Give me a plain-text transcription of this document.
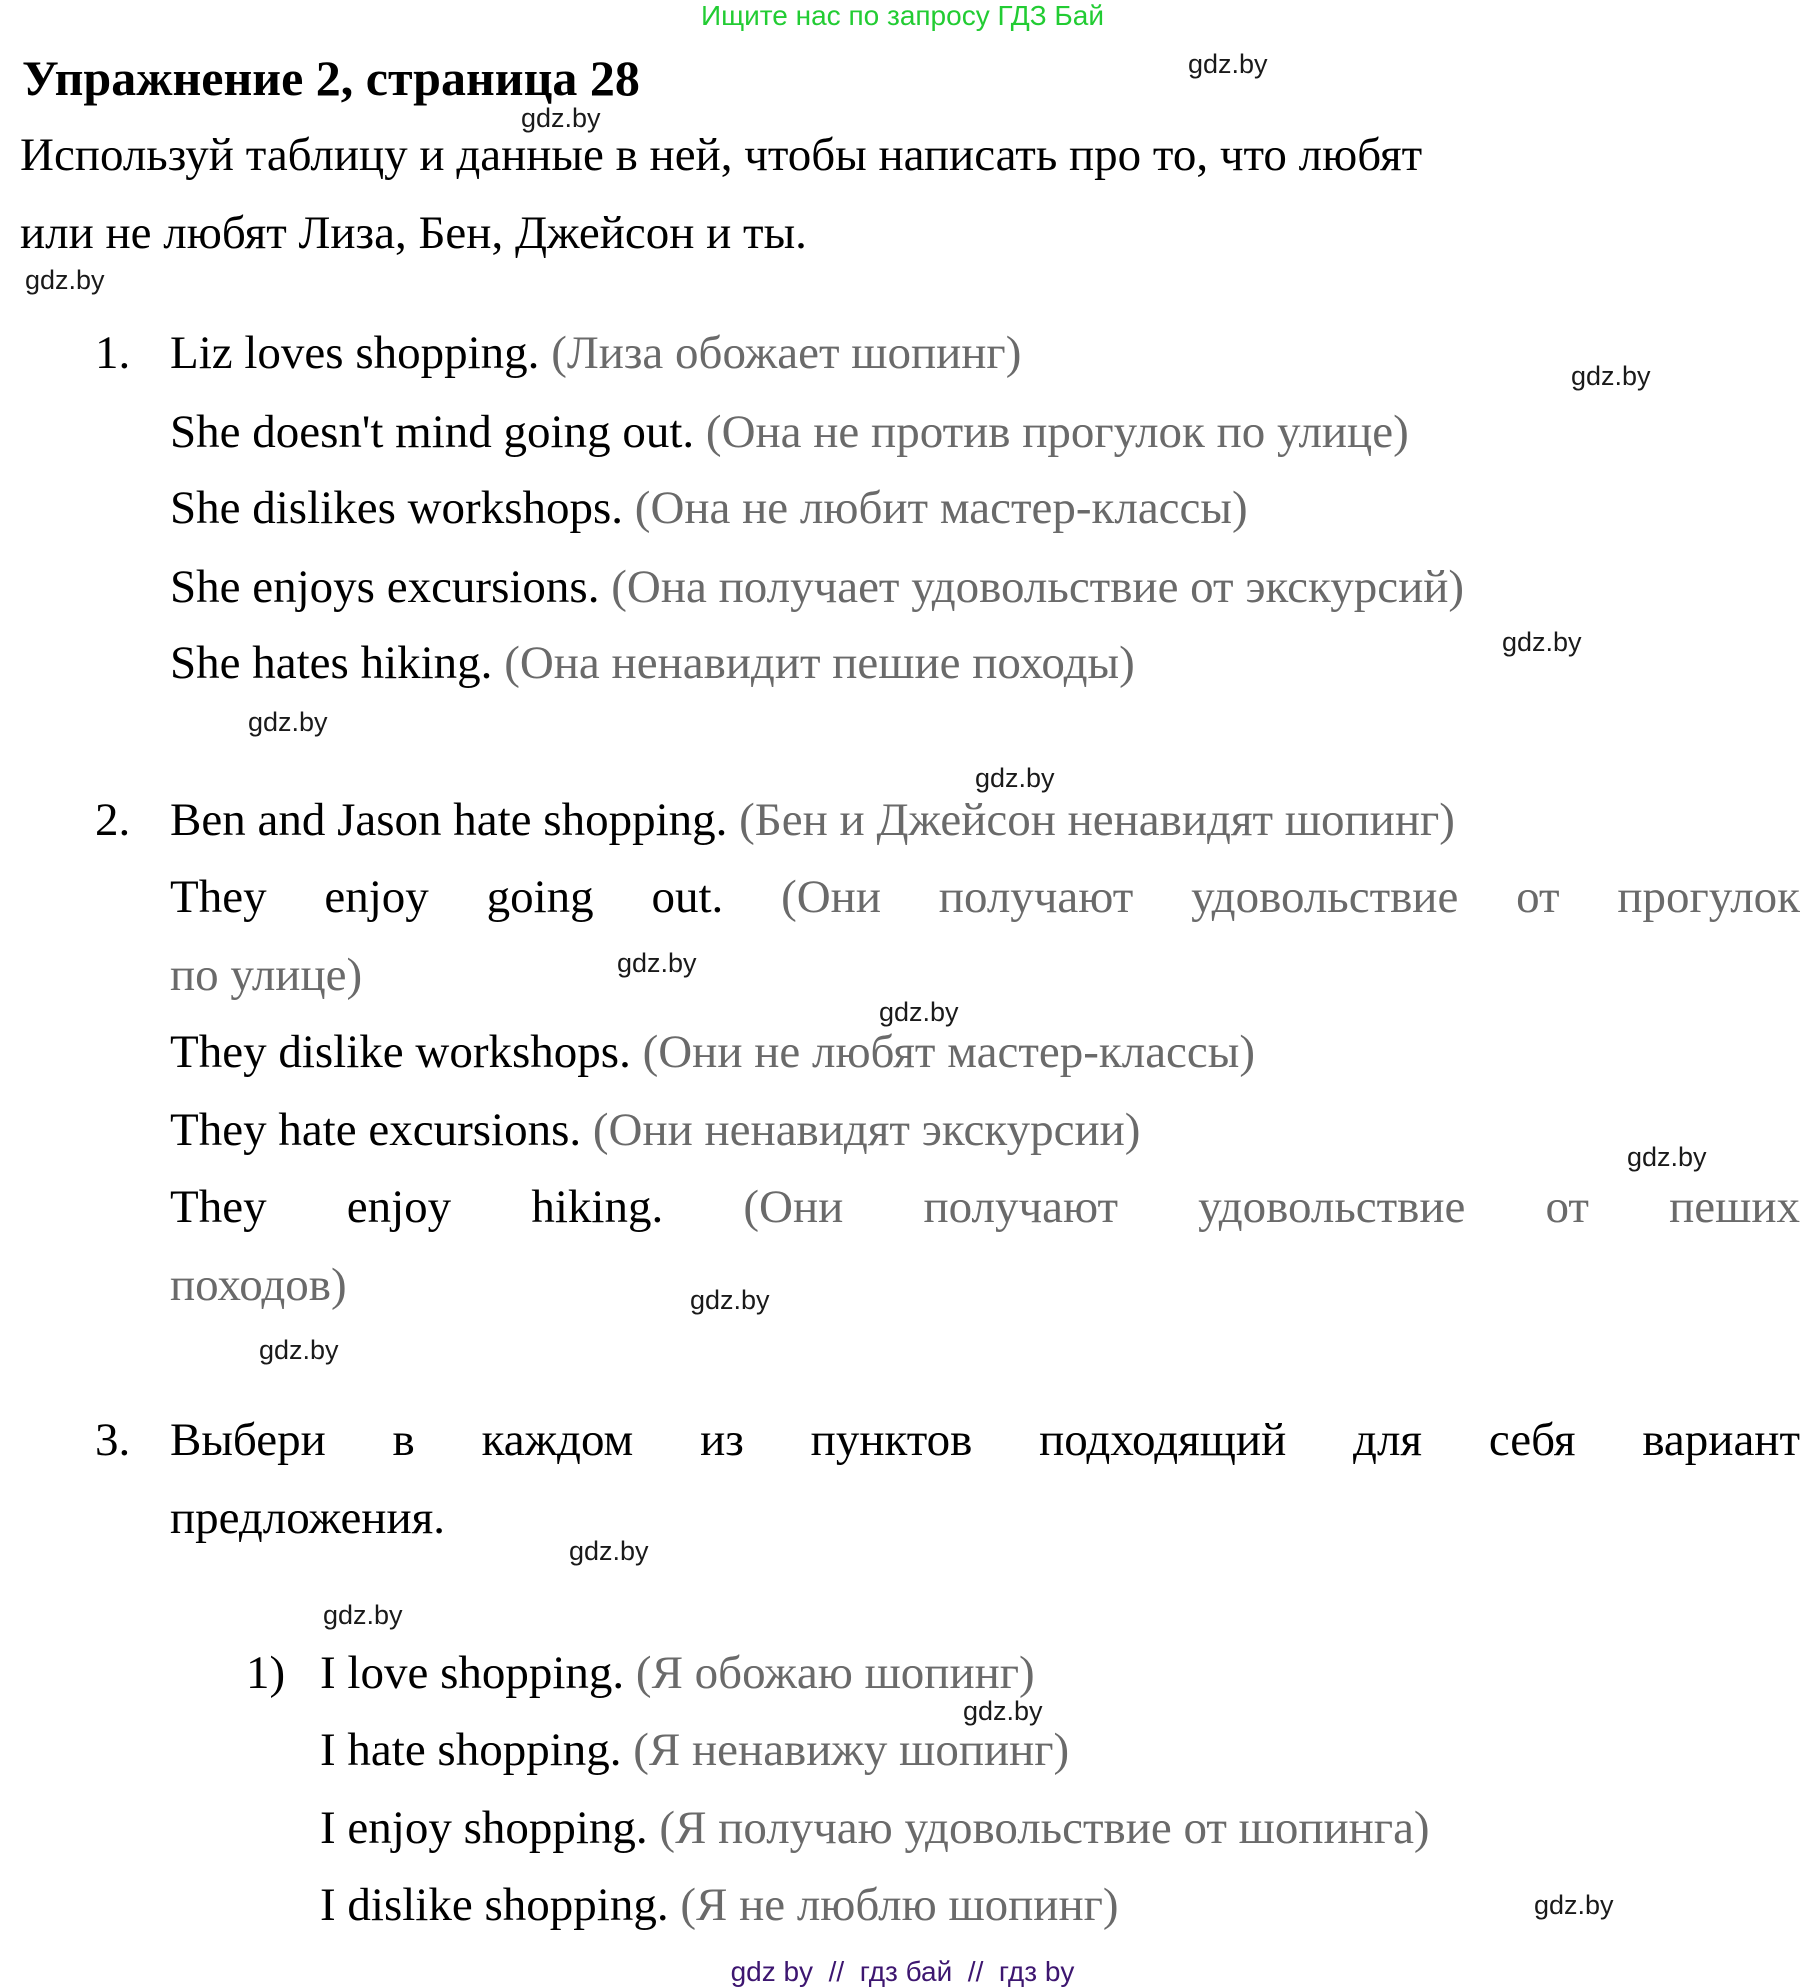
Ищите нас по запросу ГДЗ Бай
Упражнение 2, страница 28
Используй таблицу и данные в ней, чтобы написать про то, что любят
или не любят Лиза, Бен, Джейсон и ты.
1. Liz loves shopping. (Лиза обожает шопинг)
She doesn't mind going out. (Она не против прогулок по улице)
She dislikes workshops. (Она не любит мастер-классы)
She enjoys excursions. (Она получает удовольствие от экскурсий)
She hates hiking. (Она ненавидит пешие походы)
2. Ben and Jason hate shopping. (Бен и Джейсон ненавидят шопинг)
They enjoy going out. (Они получают удовольствие от прогулок
по улице)
They dislike workshops. (Они не любят мастер-классы)
They hate excursions. (Они ненавидят экскурсии)
They enjoy hiking. (Они получают удовольствие от пеших
походов)
3. Выбери в каждом из пунктов подходящий для себя вариант
предложения.
1) I love shopping. (Я обожаю шопинг)
I hate shopping. (Я ненавижу шопинг)
I enjoy shopping. (Я получаю удовольствие от шопинга)
I dislike shopping. (Я не люблю шопинг)
gdz.by
gdz.by
gdz.by
gdz.by
gdz.by
gdz.by
gdz.by
gdz.by
gdz.by
gdz.by
gdz.by
gdz.by
gdz.by
gdz.by
gdz.by
gdz.by
gdz by  //  гдз бай  //  гдз by
